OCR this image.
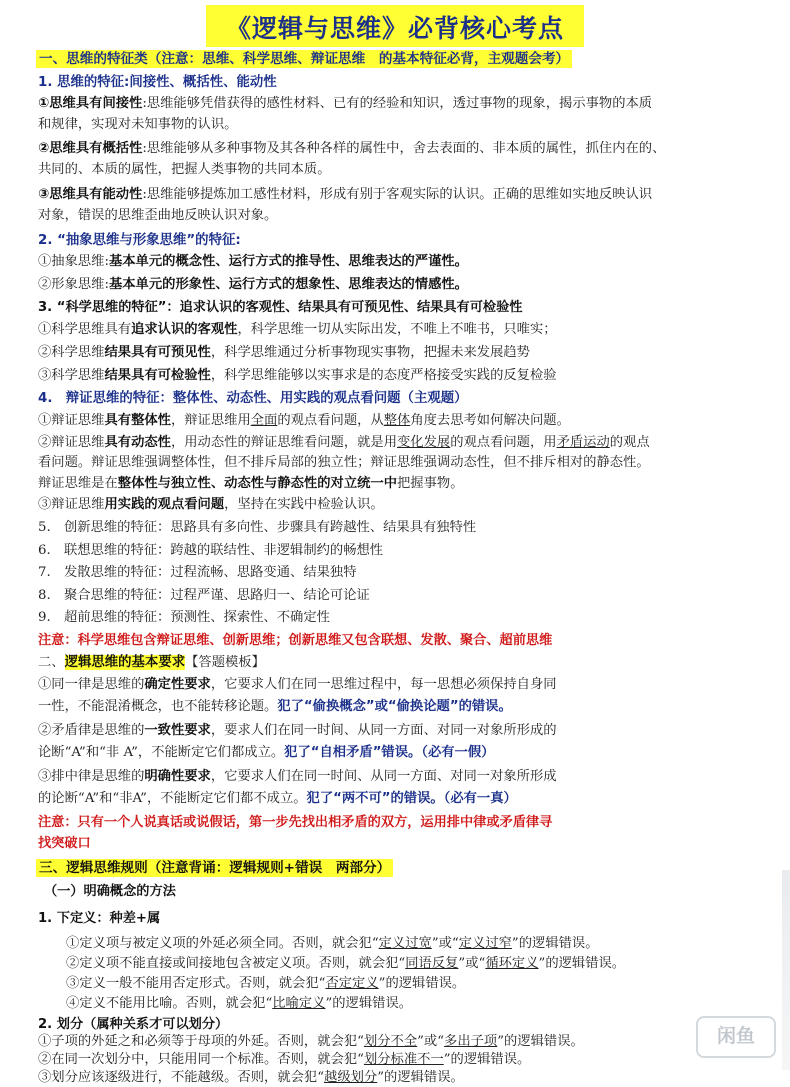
《逻辑与思维》必背核心考点
一、思维的特征类（注意：思维、科学思维、辩证思维　的基本特征必背，主观题会考）
1. 思维的特征:间接性、概括性、能动性
①思维具有间接性:思维能够凭借获得的感性材料、已有的经验和知识，透过事物的现象，揭示事物的本质
和规律，实现对未知事物的认识。
②思维具有概括性:思维能够从多种事物及其各种各样的属性中，舍去表面的、非本质的属性，抓住内在的、
共同的、本质的属性，把握人类事物的共同本质。
③思维具有能动性:思维能够提炼加工感性材料，形成有别于客观实际的认识。正确的思维如实地反映认识
对象，错误的思维歪曲地反映认识对象。
2. “抽象思维与形象思维”的特征:
①抽象思维:基本单元的概念性、运行方式的推导性、思维表达的严谨性。
②形象思维:基本单元的形象性、运行方式的想象性、思维表达的情感性。
3. “科学思维的特征”：追求认识的客观性、结果具有可预见性、结果具有可检验性
①科学思维具有追求认识的客观性，科学思维一切从实际出发，不唯上不唯书，只唯实；
②科学思维结果具有可预见性，科学思维通过分析事物现实事物，把握未来发展趋势
③科学思维结果具有可检验性，科学思维能够以实事求是的态度严格接受实践的反复检验
4.　辩证思维的特征：整体性、动态性、用实践的观点看问题（主观题）
①辩证思维具有整体性，辩证思维用全面的观点看问题，从整体角度去思考如何解决问题。
②辩证思维具有动态性，用动态性的辩证思维看问题，就是用变化发展的观点看问题，用矛盾运动的观点
看问题。辩证思维强调整体性，但不排斥局部的独立性；辩证思维强调动态性，但不排斥相对的静态性。
辩证思维是在整体性与独立性、动态性与静态性的对立统一中把握事物。
③辩证思维用实践的观点看问题，坚持在实践中检验认识。
5.　创新思维的特征：思路具有多向性、步骤具有跨越性、结果具有独特性
6.　联想思维的特征：跨越的联结性、非逻辑制约的畅想性
7.　发散思维的特征：过程流畅、思路变通、结果独特
8.　聚合思维的特征：过程严谨、思路归一、结论可论证
9.　超前思维的特征：预测性、探索性、不确定性
注意：科学思维包含辩证思维、创新思维；创新思维又包含联想、发散、聚合、超前思维
二、逻辑思维的基本要求【答题模板】
①同一律是思维的确定性要求，它要求人们在同一思维过程中，每一思想必须保持自身同
一性，不能混淆概念，也不能转移论题。犯了“偷换概念”或“偷换论题”的错误。
②矛盾律是思维的一致性要求，要求人们在同一时间、从同一方面、对同一对象所形成的
论断“A”和“非 A”，不能断定它们都成立。犯了“自相矛盾”错误。（必有一假）
③排中律是思维的明确性要求，它要求人们在同一时间、从同一方面、对同一对象所形成
的论断“A”和“非A”，不能断定它们都不成立。犯了“两不可”的错误。（必有一真）
注意：只有一个人说真话或说假话，第一步先找出相矛盾的双方，运用排中律或矛盾律寻
找突破口
三、逻辑思维规则（注意背诵：逻辑规则+错误　两部分）
（一）明确概念的方法
1. 下定义：种差+属
①定义项与被定义项的外延必须全同。否则，就会犯“定义过宽”或“定义过窄”的逻辑错误。
②定义项不能直接或间接地包含被定义项。否则，就会犯“同语反复”或“循环定义”的逻辑错误。
③定义一般不能用否定形式。否则，就会犯“否定定义”的逻辑错误。
④定义不能用比喻。否则，就会犯“比喻定义”的逻辑错误。
2. 划分（属种关系才可以划分）
①子项的外延之和必须等于母项的外延。否则，就会犯“划分不全”或“多出子项”的逻辑错误。
②在同一次划分中，只能用同一个标准。否则，就会犯“划分标准不一”的逻辑错误。
③划分应该逐级进行，不能越级。否则，就会犯“越级划分”的逻辑错误。
闲鱼
